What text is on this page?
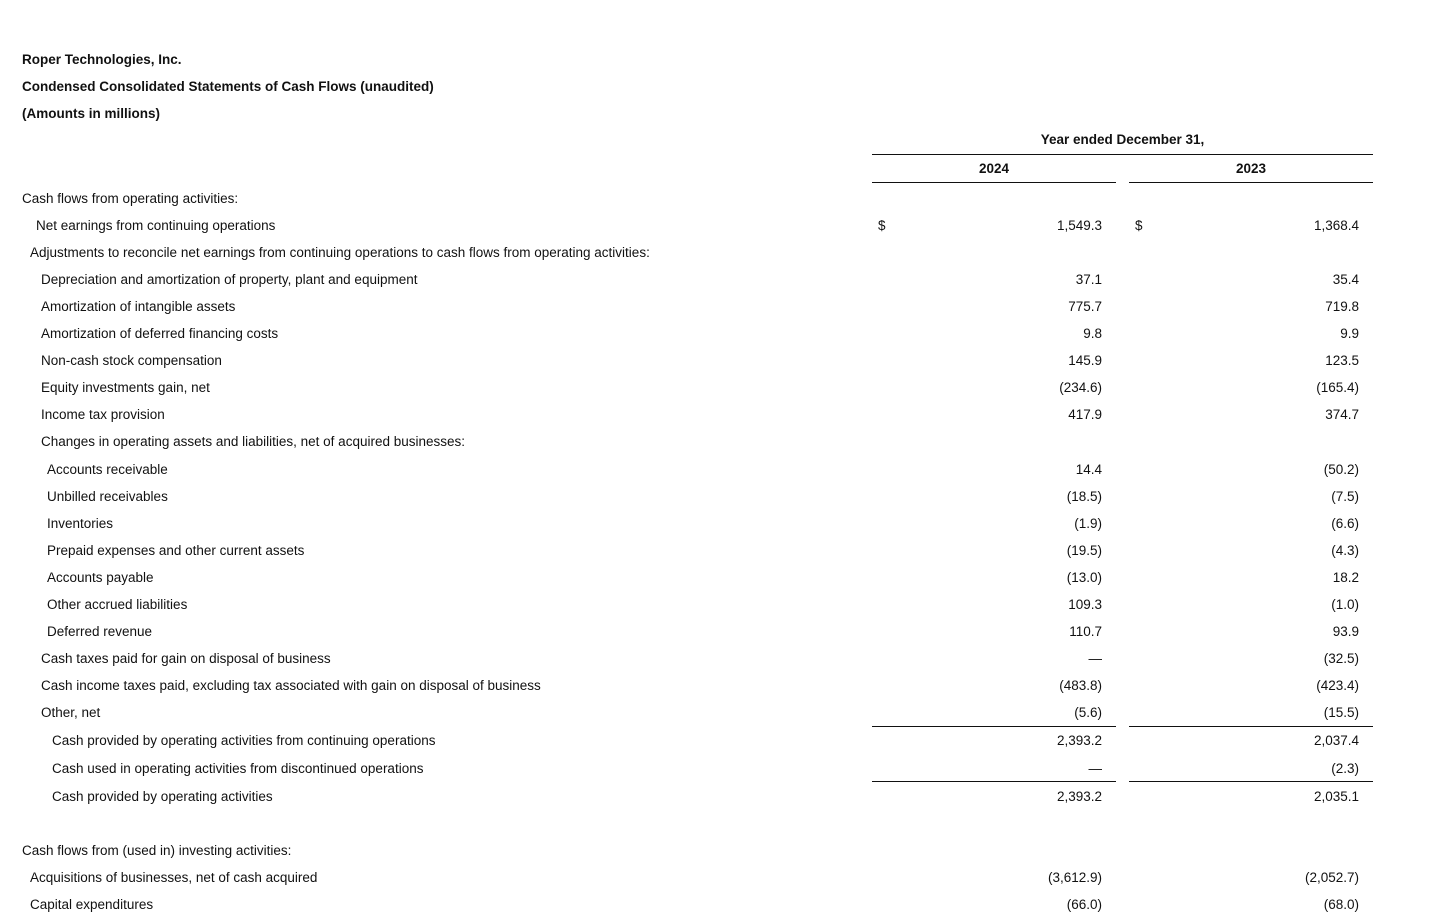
Roper Technologies, Inc.
Condensed Consolidated Statements of Cash Flows (unaudited)
(Amounts in millions)
Year ended December 31,
2024	2023
Cash flows from operating activities:
Net earnings from continuing operations	$	1,549.3 $	1,368.4
Adjustments to reconcile net earnings from continuing operations to cash flows from operating activities:
Depreciation and amortization of property, plant and equipment	37.1	35.4
Amortization of intangible assets	775.7	719.8
Amortization of deferred financing costs	9.8	9.9
Non-cash stock compensation	145.9	123.5
Equity investments gain, net	(234.6)	(165.4)
Income tax provision	417.9	374.7
Changes in operating assets and liabilities, net of acquired businesses:
Accounts receivable	14.4	(50.2)
Unbilled receivables	(18.5)	(7.5)
Inventories	(1.9)	(6.6)
Prepaid expenses and other current assets	(19.5)	(4.3)
Accounts payable	(13.0)	18.2
Other accrued liabilities	109.3	(1.0)
Deferred revenue	110.7	93.9
Cash taxes paid for gain on disposal of business	—	(32.5)
Cash income taxes paid, excluding tax associated with gain on disposal of business	(483.8)	(423.4)
Other, net	(5.6)	(15.5)
Cash provided by operating activities from continuing operations	2,393.2	2,037.4
Cash used in operating activities from discontinued operations	—	(2.3)
Cash provided by operating activities	2,393.2	2,035.1
Cash flows from (used in) investing activities:
Acquisitions of businesses, net of cash acquired	(3,612.9)	(2,052.7)
Capital expenditures	(66.0)	(68.0)
